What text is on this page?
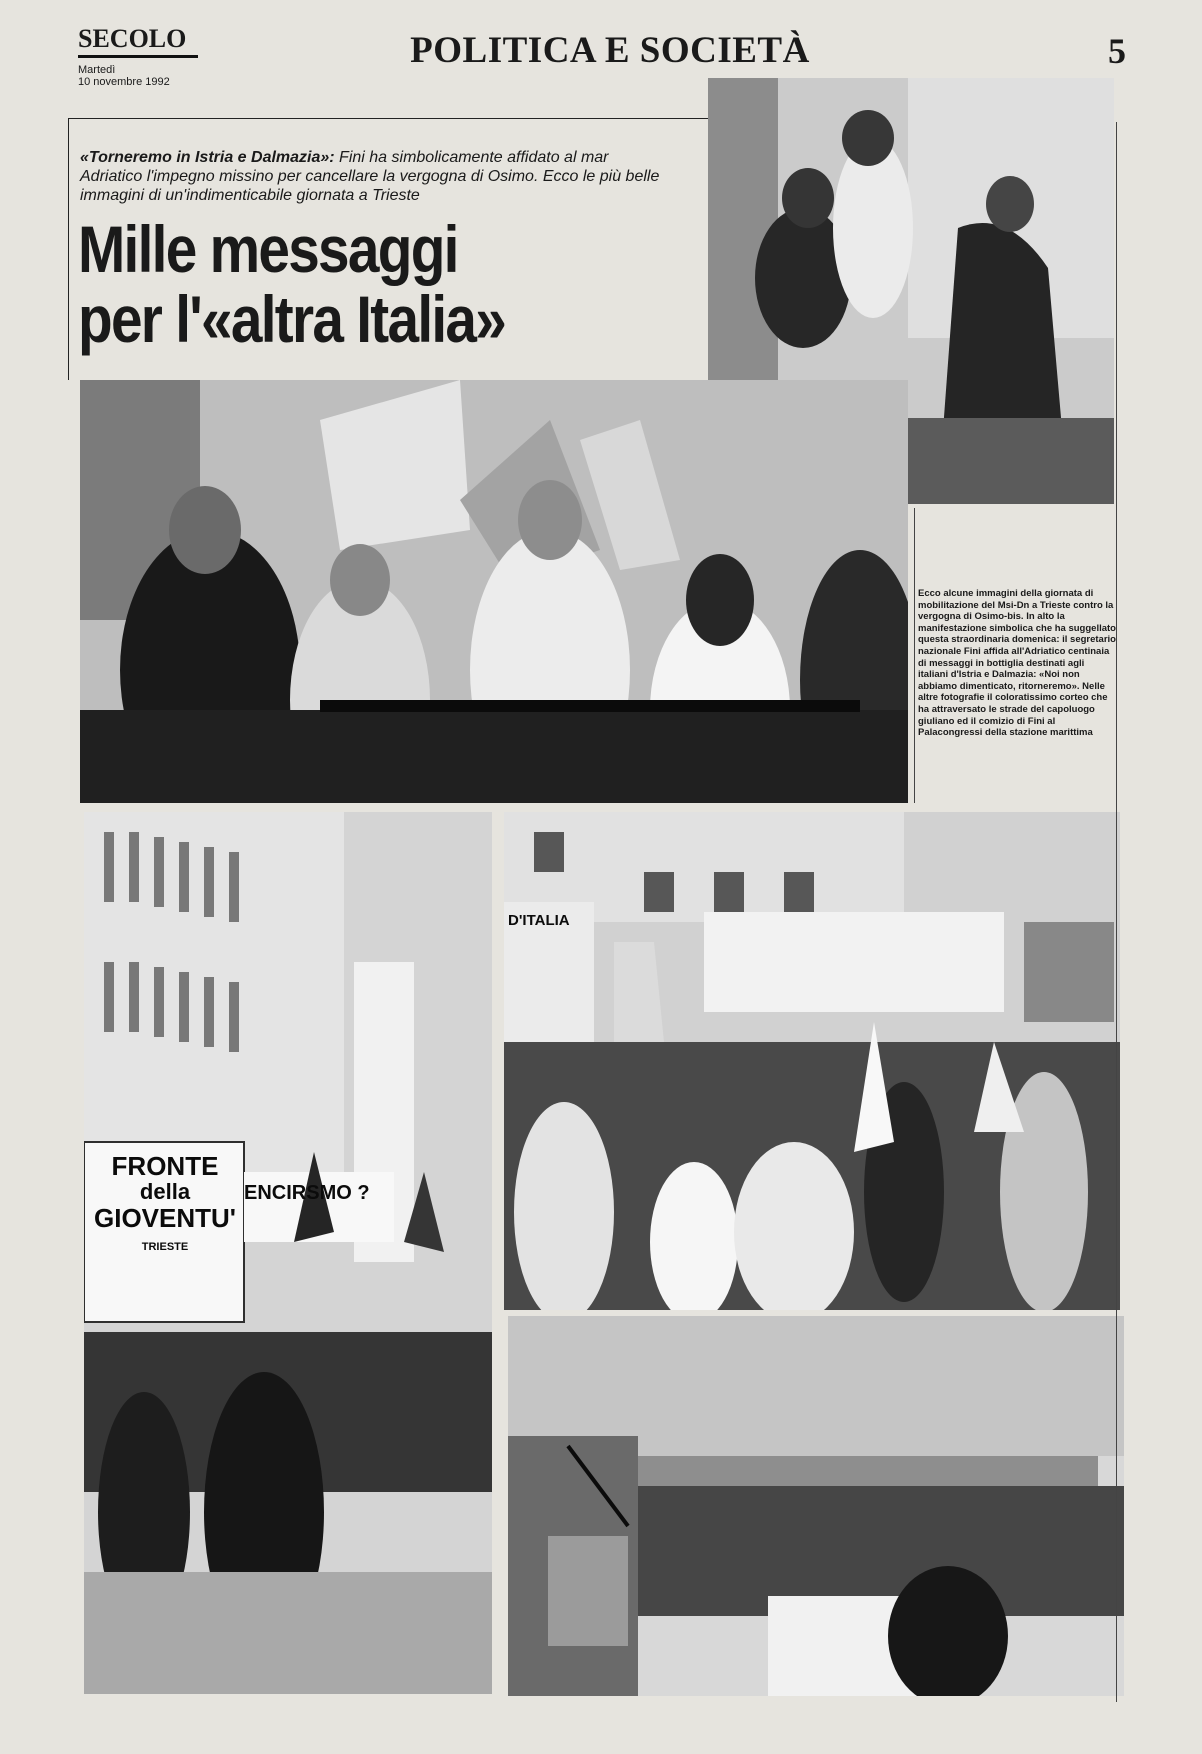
SECOLO
Martedì
10 novembre 1992
POLITICA E SOCIETÀ	5
«Torneremo in Istria e Dalmazia»: Fini ha simbolicamente affidato al mar Adriatico l'impegno missino per cancellare la vergogna di Osimo. Ecco le più belle immagini di un'indimenticabile giornata a Trieste
Mille messaggi
per l'«altra Italia»
Ecco alcune immagini della giornata di mobilitazione del Msi-Dn a Trieste contro la vergogna di Osimo-bis. In alto la manifestazione simbolica che ha suggellato questa straordinaria domenica: il segretario nazionale Fini affida all'Adriatico centinaia di messaggi in bottiglia destinati agli italiani d'Istria e Dalmazia: «Noi non abbiamo dimenticato, ritorneremo». Nelle altre fotografie il coloratissimo corteo che ha attraversato le strade del capoluogo giuliano ed il comizio di Fini al Palacongressi della stazione marittima
FRONTE
della
GIOVENTU'
TRIESTE
ENCIRSMO ?
D'ITALIA
